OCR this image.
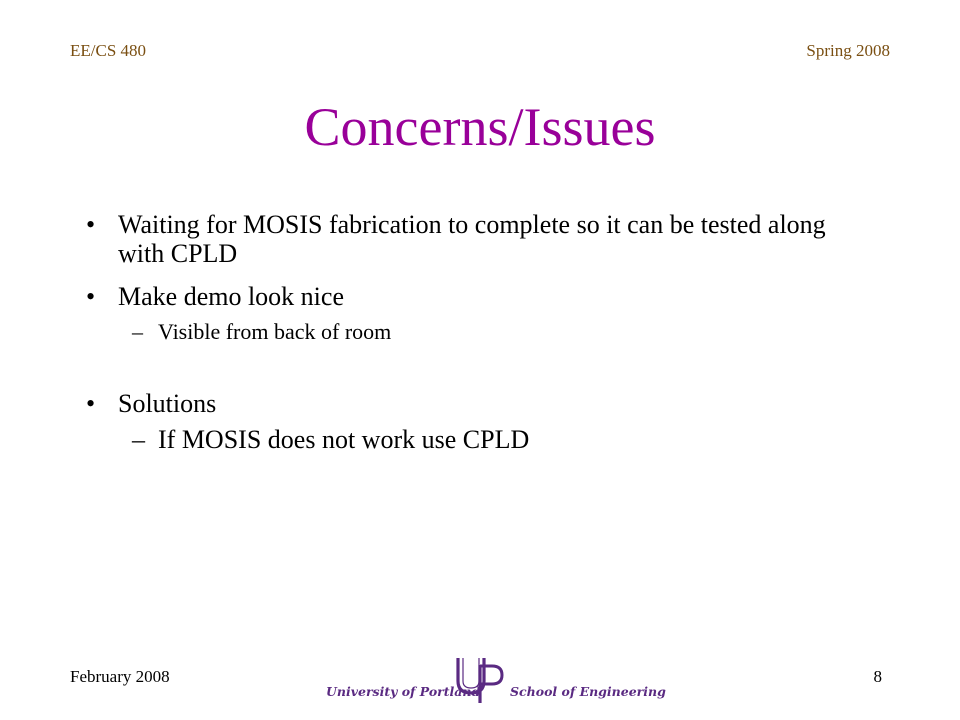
EE/CS 480	Spring 2008
Concerns/Issues
• Waiting for MOSIS fabrication to complete so it can be tested along with CPLD
• Make demo look nice
– Visible from back of room
• Solutions
– If MOSIS does not work use CPLD
February 2008	8
University of Portland School of Engineering
